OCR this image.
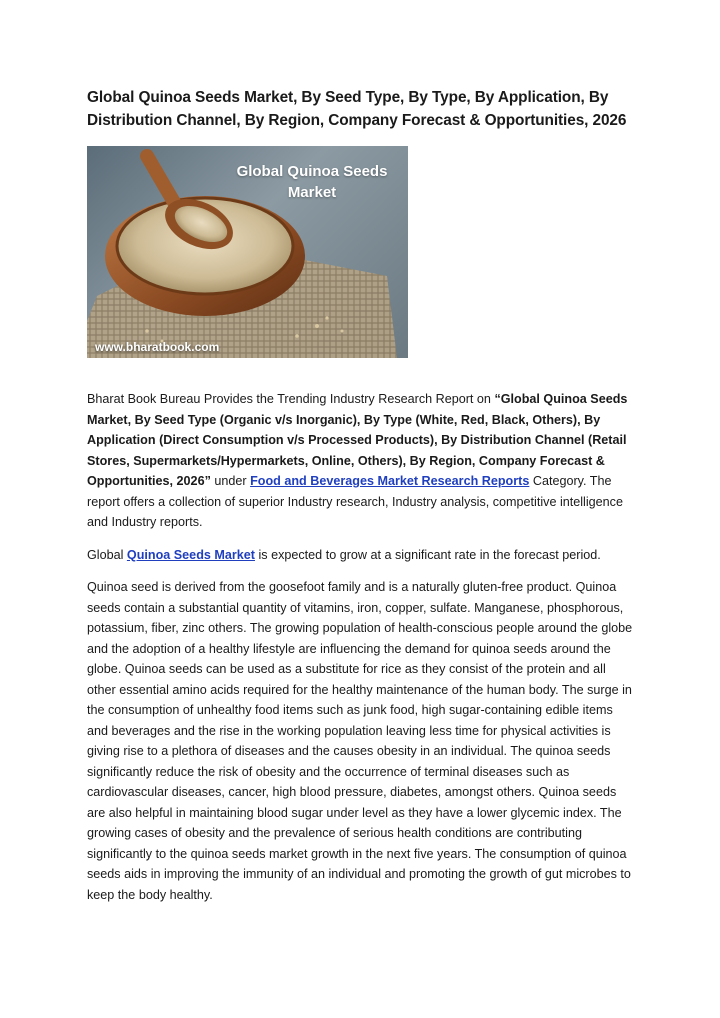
Global Quinoa Seeds Market, By Seed Type, By Type, By Application, By Distribution Channel, By Region, Company Forecast & Opportunities, 2026
Global Quinoa Seeds Market
www.bharatbook.com

Bharat Book Bureau Provides the Trending Industry Research Report on “Global Quinoa Seeds Market, By Seed Type (Organic v/s Inorganic), By Type (White, Red, Black, Others), By Application (Direct Consumption v/s Processed Products), By Distribution Channel (Retail Stores, Supermarkets/Hypermarkets, Online, Others), By Region, Company Forecast & Opportunities, 2026” under Food and Beverages Market Research Reports Category. The report offers a collection of superior Industry research, Industry analysis, competitive intelligence and Industry reports.

Global Quinoa Seeds Market is expected to grow at a significant rate in the forecast period.

Quinoa seed is derived from the goosefoot family and is a naturally gluten-free product. Quinoa seeds contain a substantial quantity of vitamins, iron, copper, sulfate. Manganese, phosphorous, potassium, fiber, zinc others. The growing population of health-conscious people around the globe and the adoption of a healthy lifestyle are influencing the demand for quinoa seeds around the globe. Quinoa seeds can be used as a substitute for rice as they consist of the protein and all other essential amino acids required for the healthy maintenance of the human body. The surge in the consumption of unhealthy food items such as junk food, high sugar-containing edible items and beverages and the rise in the working population leaving less time for physical activities is giving rise to a plethora of diseases and the causes obesity in an individual. The quinoa seeds significantly reduce the risk of obesity and the occurrence of terminal diseases such as cardiovascular diseases, cancer, high blood pressure, diabetes, amongst others. Quinoa seeds are also helpful in maintaining blood sugar under level as they have a lower glycemic index. The growing cases of obesity and the prevalence of serious health conditions are contributing significantly to the quinoa seeds market growth in the next five years. The consumption of quinoa seeds aids in improving the immunity of an individual and promoting the growth of gut microbes to keep the body healthy.
